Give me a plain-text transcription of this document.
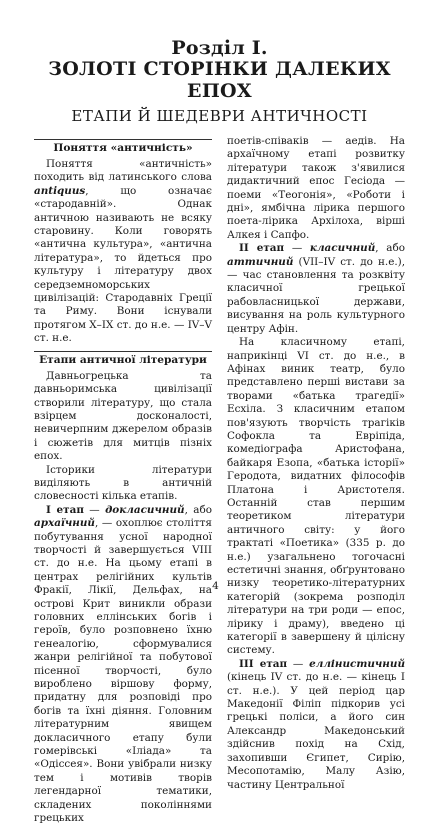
Розділ I.
ЗОЛОТІ СТОРІНКИ ДАЛЕКИХ ЕПОХ
ЕТАПИ Й ШЕДЕВРИ АНТИЧНОСТІ
Поняття «античність»

Поняття «античність» походить від латинського слова antiquus, що означає «стародавній». Однак античною називають не всяку старовину. Коли говорять «антична культура», «антична література», то йдеться про культуру і літературу двох середземноморських цивілізацій: Стародавніх Греції та Риму. Вони існували протягом X–IX ст. до н.е. — IV–V ст. н.е.

Етапи античної літератури

Давньогрецька та давньоримська цивілізації створили літературу, що стала взірцем досконалості, невичерпним джерелом образів і сюжетів для митців пізніх епох.

Історики літератури виділяють в античній словесності кілька етапів.

I етап — докласичний, або архаїчний, — охоплює століття побутування усної народної творчості й завершується VIII ст. до н.е. На цьому етапі в центрах релігійних культів Фракії, Лікії, Дельфах, на острові Крит виникли образи головних еллінських богів і героїв, було розповнено їхню генеалогію, сформувалися жанри релігійної та побутової пісенної творчості, було вироблено віршову форму, придатну для розповіді про богів та їхні діяння. Головним літературним явищем докласичного етапу були гомерівські «Іліада» та «Одіссея». Вони увібрали низку тем і мотивів творів легендарної тематики, складених поколіннями грецьких

поетів-співаків — аедів. На архаїчному етапі розвитку літератури також з'явилися дидактичний епос Гесіода — поеми «Теогонія», «Роботи і дні», ямбічна лірика першого поета-лірика Архілоха, вірші Алкея і Сапфо.

II етап — класичний, або аттичний (VII–IV ст. до н.е.), — час становлення та розквіту класичної грецької рабовласницької держави, висування на роль культурного центру Афін.

На класичному етапі, наприкінці VI ст. до н.е., в Афінах виник театр, було представлено перші вистави за творами «батька трагедії» Есхіла. З класичним етапом пов'язують творчість трагіків Софокла та Евріпіда, комедіографа Аристофана, байкаря Езопа, «батька історії» Геродота, видатних філософів Платона і Аристотеля. Останній став першим теоретиком літератури античного світу: у його трактаті «Поетика» (335 р. до н.е.) узагальнено тогочасні естетичні знання, обґрунтовано низку теоретико-літературних категорій (зокрема розподіл літератури на три роди — епос, лірику і драму), введено ці категорії в завершену й цілісну систему.

III етап — еллінистичний (кінець IV ст. до н.е. — кінець I ст. н.е.). У цей період цар Македонії Філіп підкорив усі грецькі поліси, а його син Александр Македонський здійснив похід на Схід, захопивши Єгипет, Сирію, Месопотамію, Малу Азію, частину Центральної

4
